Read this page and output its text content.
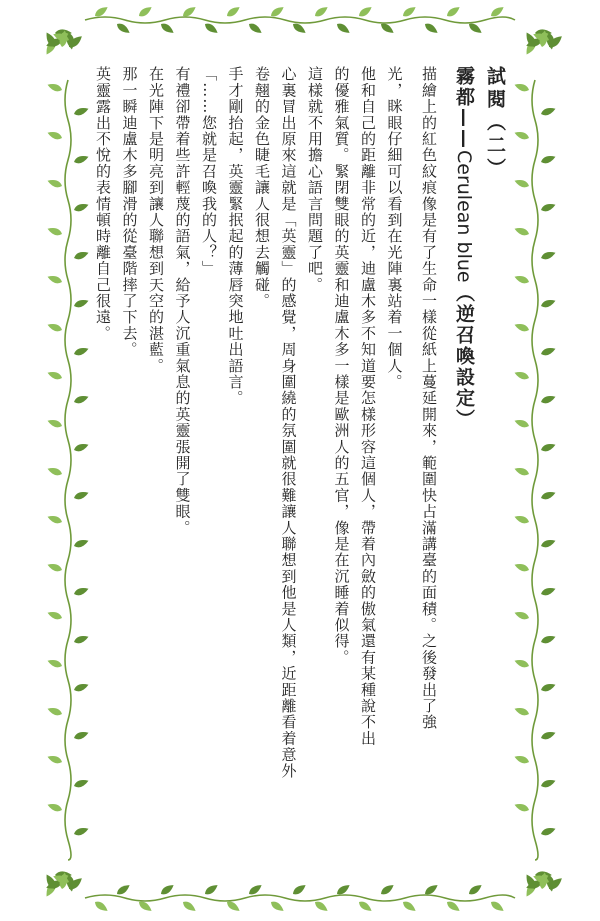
試閱（二）
霧都——Cerulean blue（逆召喚設定）

描繪上的紅色紋痕像是有了生命一樣從紙上蔓延開來，範圍快占滿講臺的面積。之後發出了強

光，眯眼仔細可以看到在光陣裏站着一個人。

他和自己的距離非常的近，迪盧木多不知道要怎樣形容這個人，帶着內斂的傲氣還有某種說不出

的優雅氣質。緊閉雙眼的英靈和迪盧木多一樣是歐洲人的五官，像是在沉睡着似得。

這樣就不用擔心語言問題了吧。

心裏冒出原來這就是「英靈」的感覺，周身圍繞的氛圍就很難讓人聯想到他是人類，近距離看着意外

卷翹的金色睫毛讓人很想去觸碰。

手才剛抬起，英靈緊抿起的薄唇突地吐出語言。

「……您就是召喚我的人？」

有禮卻帶着些許輕蔑的語氣，給予人沉重氣息的英靈張開了雙眼。

在光陣下是明亮到讓人聯想到天空的湛藍。

那一瞬迪盧木多腳滑的從臺階摔了下去。

英靈露出不悅的表情頓時離自己很遠。
